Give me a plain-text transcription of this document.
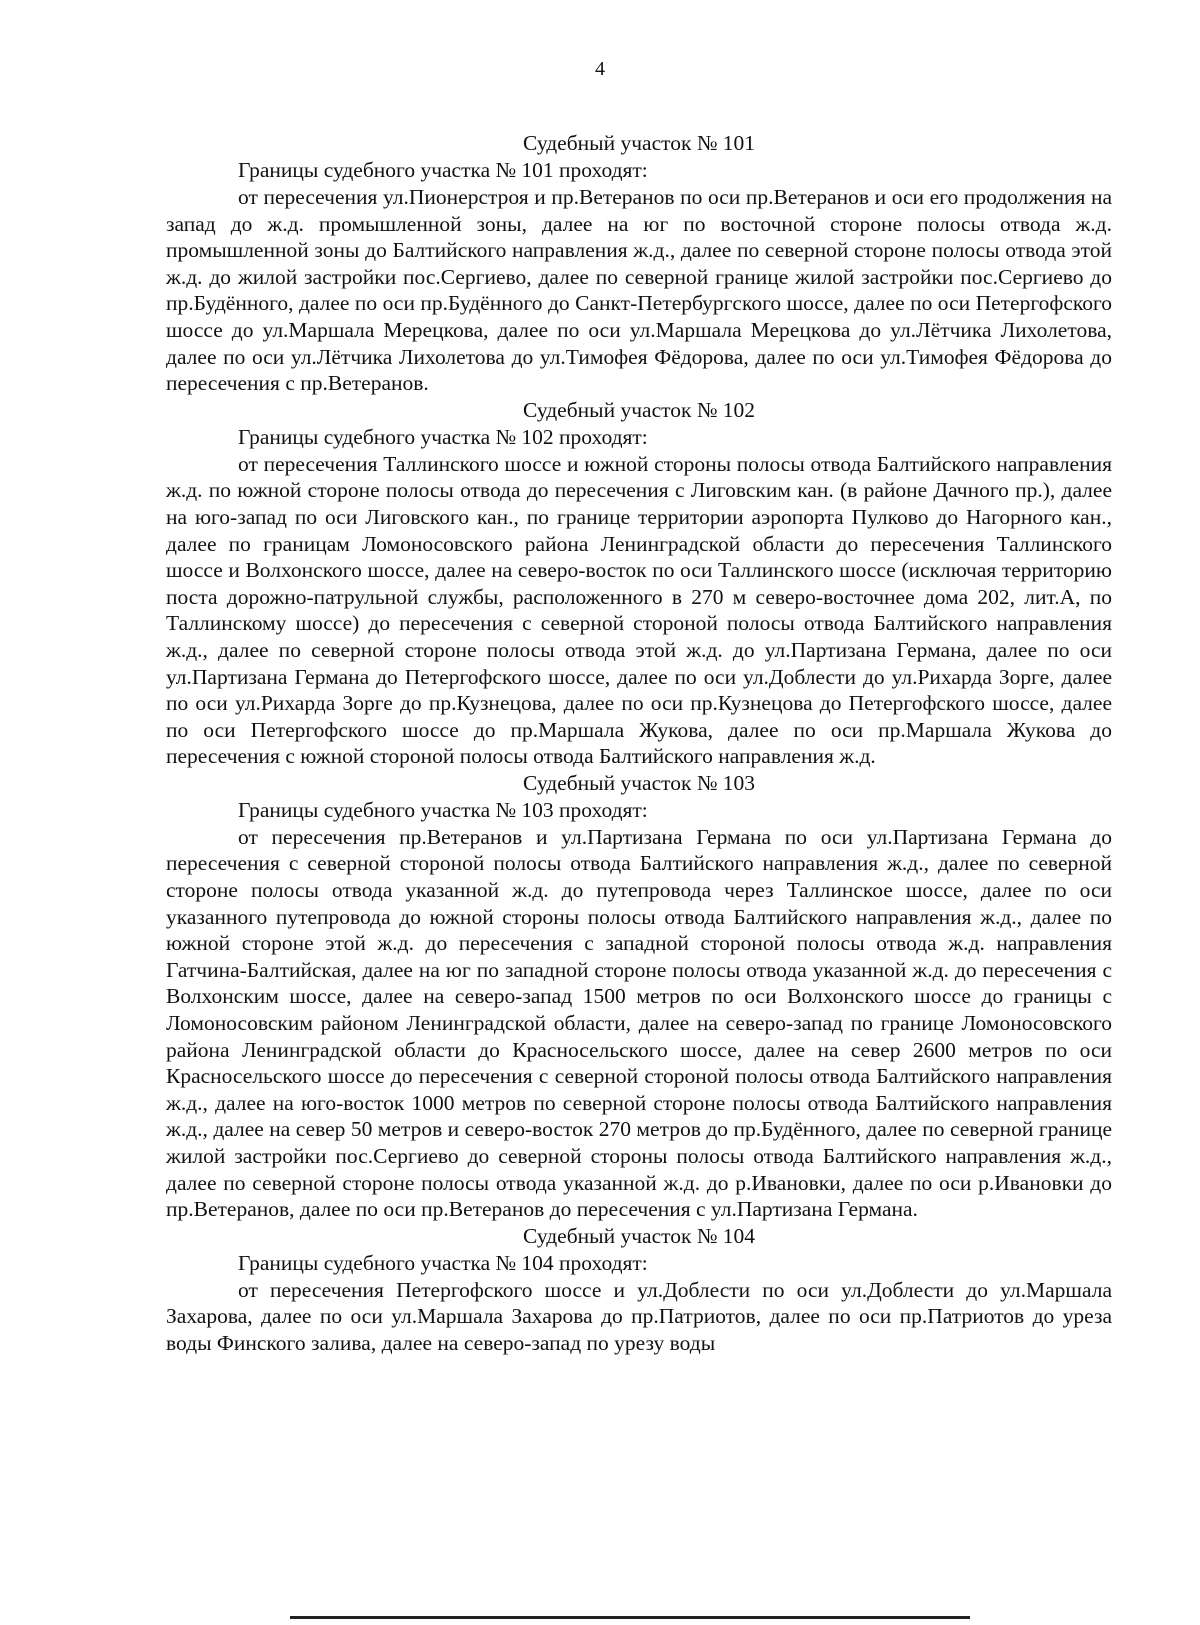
4
Судебный участок № 101
Границы судебного участка № 101 проходят:

от пересечения ул.Пионерстроя и пр.Ветеранов по оси пр.Ветеранов и оси его продолжения на запад до ж.д. промышленной зоны, далее на юг по восточной стороне полосы отвода ж.д. промышленной зоны до Балтийского направления ж.д., далее по северной стороне полосы отвода этой ж.д. до жилой застройки пос.Сергиево, далее по северной границе жилой застройки пос.Сергиево до пр.Будённого, далее по оси пр.Будённого до Санкт-Петербургского шоссе, далее по оси Петергофского шоссе до ул.Маршала Мерецкова, далее по оси ул.Маршала Мерецкова до ул.Лётчика Лихолетова, далее по оси ул.Лётчика Лихолетова до ул.Тимофея Фёдорова, далее по оси ул.Тимофея Фёдорова до пересечения с пр.Ветеранов.

Судебный участок № 102
Границы судебного участка № 102 проходят:

от пересечения Таллинского шоссе и южной стороны полосы отвода Балтийского направления ж.д. по южной стороне полосы отвода до пересечения с Лиговским кан. (в районе Дачного пр.), далее на юго-запад по оси Лиговского кан., по границе территории аэропорта Пулково до Нагорного кан., далее по границам Ломоносовского района Ленинградской области до пересечения Таллинского шоссе и Волхонского шоссе, далее на северо-восток по оси Таллинского шоссе (исключая территорию поста дорожно-патрульной службы, расположенного в 270 м северо-восточнее дома 202, лит.А, по Таллинскому шоссе) до пересечения с северной стороной полосы отвода Балтийского направления ж.д., далее по северной стороне полосы отвода этой ж.д. до ул.Партизана Германа, далее по оси ул.Партизана Германа до Петергофского шоссе, далее по оси ул.Доблести до ул.Рихарда Зорге, далее по оси ул.Рихарда Зорге до пр.Кузнецова, далее по оси пр.Кузнецова до Петергофского шоссе, далее по оси Петергофского шоссе до пр.Маршала Жукова, далее по оси пр.Маршала Жукова до пересечения с южной стороной полосы отвода Балтийского направления ж.д.

Судебный участок № 103
Границы судебного участка № 103 проходят:

от пересечения пр.Ветеранов и ул.Партизана Германа по оси ул.Партизана Германа до пересечения с северной стороной полосы отвода Балтийского направления ж.д., далее по северной стороне полосы отвода указанной ж.д. до путепровода через Таллинское шоссе, далее по оси указанного путепровода до южной стороны полосы отвода Балтийского направления ж.д., далее по южной стороне этой ж.д. до пересечения с западной стороной полосы отвода ж.д. направления Гатчина-Балтийская, далее на юг по западной стороне полосы отвода указанной ж.д. до пересечения с Волхонским шоссе, далее на северо-запад 1500 метров по оси Волхонского шоссе до границы с Ломоносовским районом Ленинградской области, далее на северо-запад по границе Ломоносовского района Ленинградской области до Красносельского шоссе, далее на север 2600 метров по оси Красносельского шоссе до пересечения с северной стороной полосы отвода Балтийского направления ж.д., далее на юго-восток 1000 метров по северной стороне полосы отвода Балтийского направления ж.д., далее на север 50 метров и северо-восток 270 метров до пр.Будённого, далее по северной границе жилой застройки пос.Сергиево до северной стороны полосы отвода Балтийского направления ж.д., далее по северной стороне полосы отвода указанной ж.д. до р.Ивановки, далее по оси р.Ивановки до пр.Ветеранов, далее по оси пр.Ветеранов до пересечения с ул.Партизана Германа.

Судебный участок № 104
Границы судебного участка № 104 проходят:

от пересечения Петергофского шоссе и ул.Доблести по оси ул.Доблести до ул.Маршала Захарова, далее по оси ул.Маршала Захарова до пр.Патриотов, далее по оси пр.Патриотов до уреза воды Финского залива, далее на северо-запад по урезу воды
